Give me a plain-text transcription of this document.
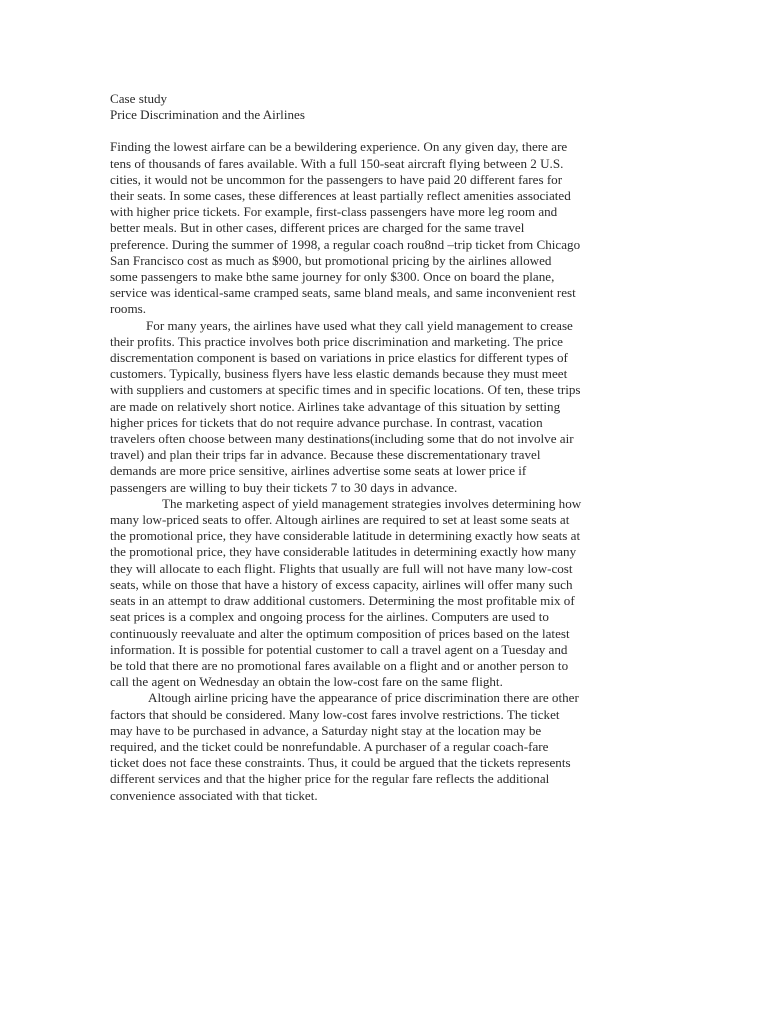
Case study
Price Discrimination and the Airlines
Finding the lowest airfare can be a bewildering experience. On any given day, there are
tens of thousands of fares available. With a full 150-seat aircraft flying between 2 U.S.
cities, it would not be uncommon for the passengers to have paid 20 different fares for
their seats. In some cases, these differences at least partially reflect amenities associated
with higher price tickets. For example, first-class passengers have more leg room and
better meals. But in other cases, different prices are charged for the same travel
preference. During the summer of 1998, a regular coach rou8nd –trip ticket from Chicago
San Francisco cost as much as $900, but promotional pricing by the airlines allowed
some passengers to make bthe same journey for only $300. Once on board the plane,
service was identical-same cramped seats, same bland meals, and same inconvenient rest
rooms.
For many years, the airlines have used what they call yield management to crease
their profits. This practice involves both price discrimination and marketing. The price
discrementation component is based on variations in price elastics for different types of
customers. Typically, business flyers have less elastic demands because they must meet
with suppliers and customers at specific times and in specific locations. Of ten, these trips
are made on relatively short notice. Airlines take advantage of this situation by setting
higher prices for tickets that do not require advance purchase. In contrast, vacation
travelers often choose between many destinations(including some that do not involve air
travel) and plan their trips far in advance. Because these discrementationary travel
demands are more price sensitive, airlines advertise some seats at lower price if
passengers are willing to buy their tickets 7 to 30 days in advance.
The marketing aspect of yield management strategies involves determining how
many low-priced seats to offer. Altough airlines are required to set at least some seats at
the promotional price, they have considerable latitude in determining exactly how seats at
the promotional price, they have considerable latitudes in determining exactly how many
they will allocate to each flight. Flights that usually are full will not have many low-cost
seats, while on those that have a history of excess capacity, airlines will offer many such
seats in an attempt to draw additional customers. Determining the most profitable mix of
seat prices is a complex and ongoing process for the airlines. Computers are used to
continuously reevaluate and alter the optimum composition of prices based on the latest
information. It is possible for potential customer to call a travel agent on a Tuesday and
be told that there are no promotional fares available on a flight and or another person to
call the agent on Wednesday an obtain the low-cost fare on the same flight.
Altough airline pricing have the appearance of price discrimination there are other
factors that should be considered. Many low-cost fares involve restrictions. The ticket
may have to be purchased in advance, a Saturday night stay at the location may be
required, and the ticket could be nonrefundable. A purchaser of a regular coach-fare
ticket does not face these constraints. Thus, it could be argued that the tickets represents
different services and that the higher price for the regular fare reflects the additional
convenience associated with that ticket.
